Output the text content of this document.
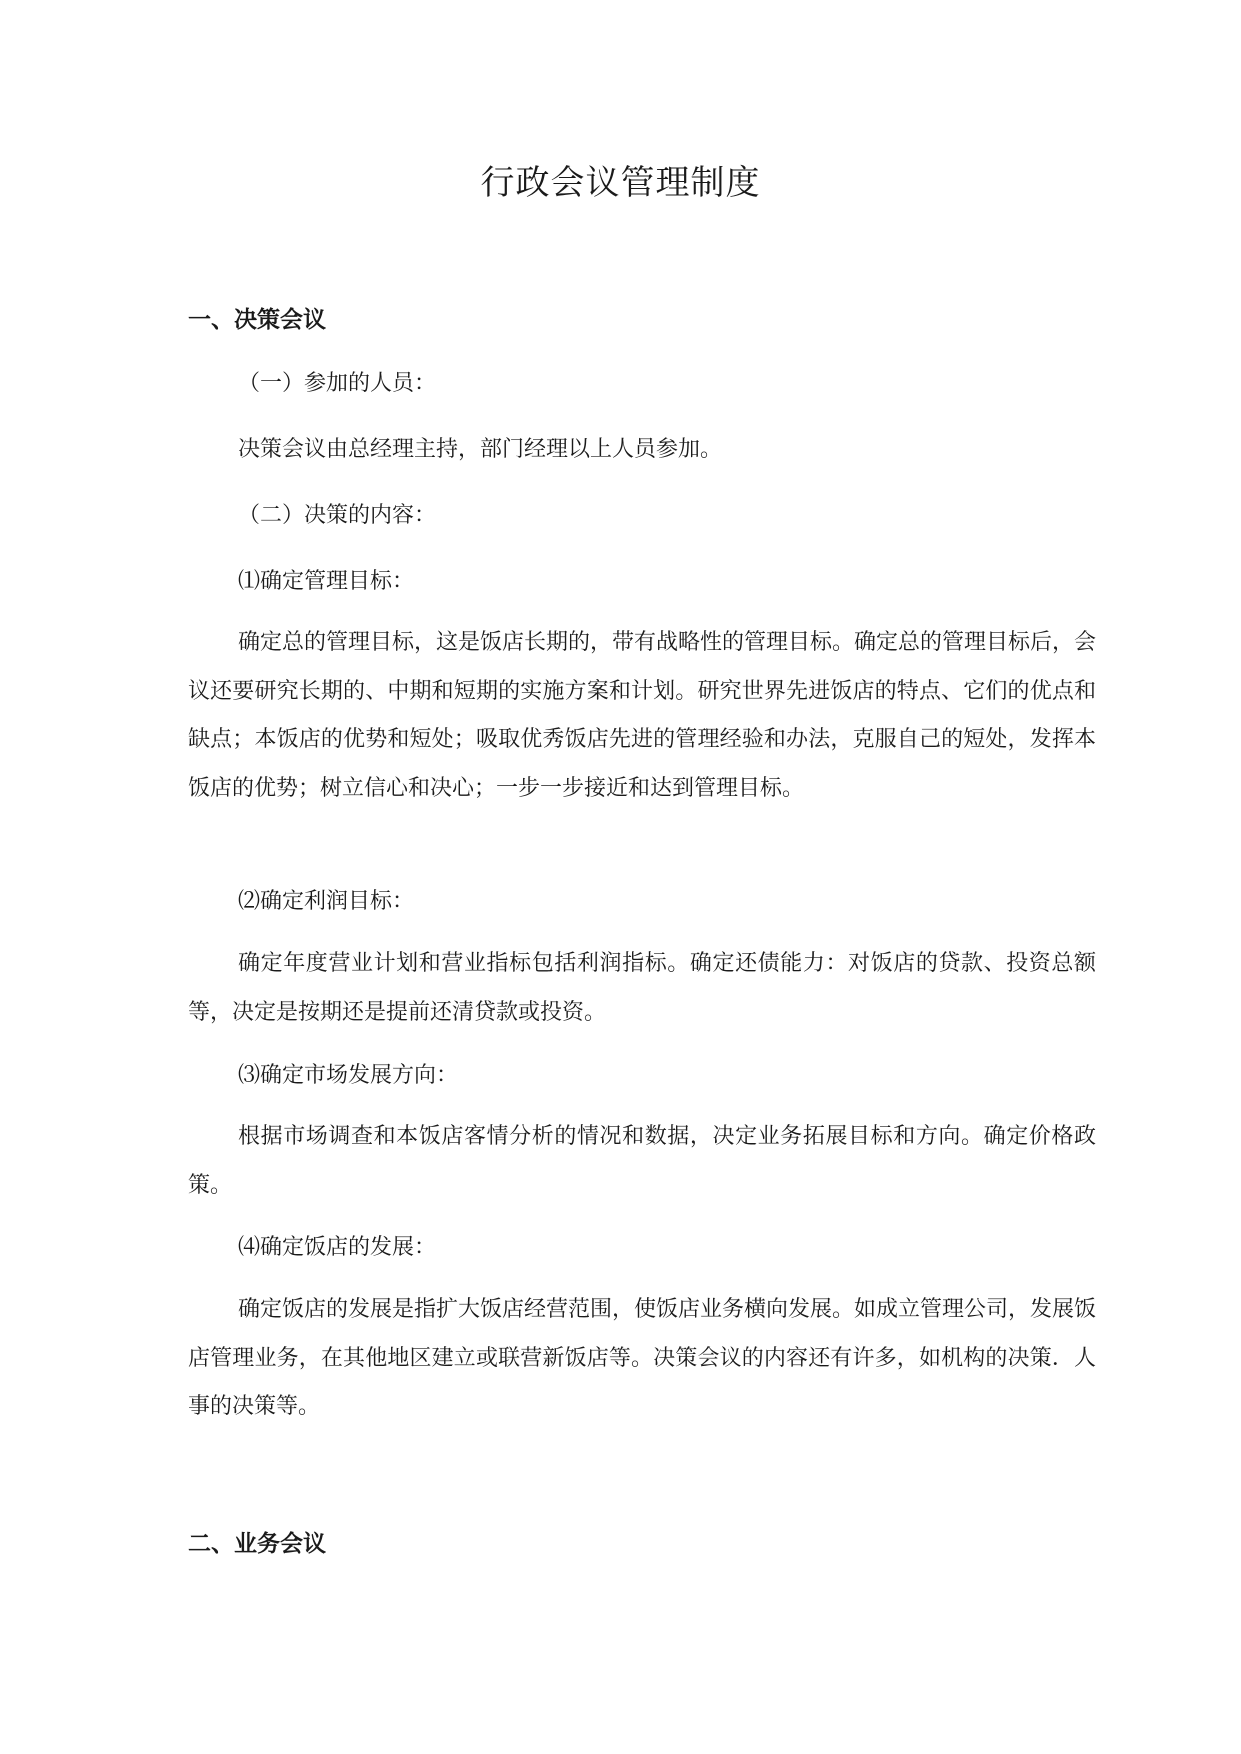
行政会议管理制度
一、决策会议

（一）参加的人员：

决策会议由总经理主持，部门经理以上人员参加。

（二）决策的内容：

⑴确定管理目标：

确定总的管理目标，这是饭店长期的，带有战略性的管理目标。确定总的管理目标后，会议还要研究长期的、中期和短期的实施方案和计划。研究世界先进饭店的特点、它们的优点和缺点；本饭店的优势和短处；吸取优秀饭店先进的管理经验和办法，克服自己的短处，发挥本饭店的优势；树立信心和决心；一步一步接近和达到管理目标。

⑵确定利润目标：

确定年度营业计划和营业指标包括利润指标。确定还债能力：对饭店的贷款、投资总额等，决定是按期还是提前还清贷款或投资。

⑶确定市场发展方向：

根据市场调查和本饭店客情分析的情况和数据，决定业务拓展目标和方向。确定价格政策。

⑷确定饭店的发展：

确定饭店的发展是指扩大饭店经营范围，使饭店业务横向发展。如成立管理公司，发展饭店管理业务，在其他地区建立或联营新饭店等。决策会议的内容还有许多，如机构的决策．人事的决策等。

二、业务会议
